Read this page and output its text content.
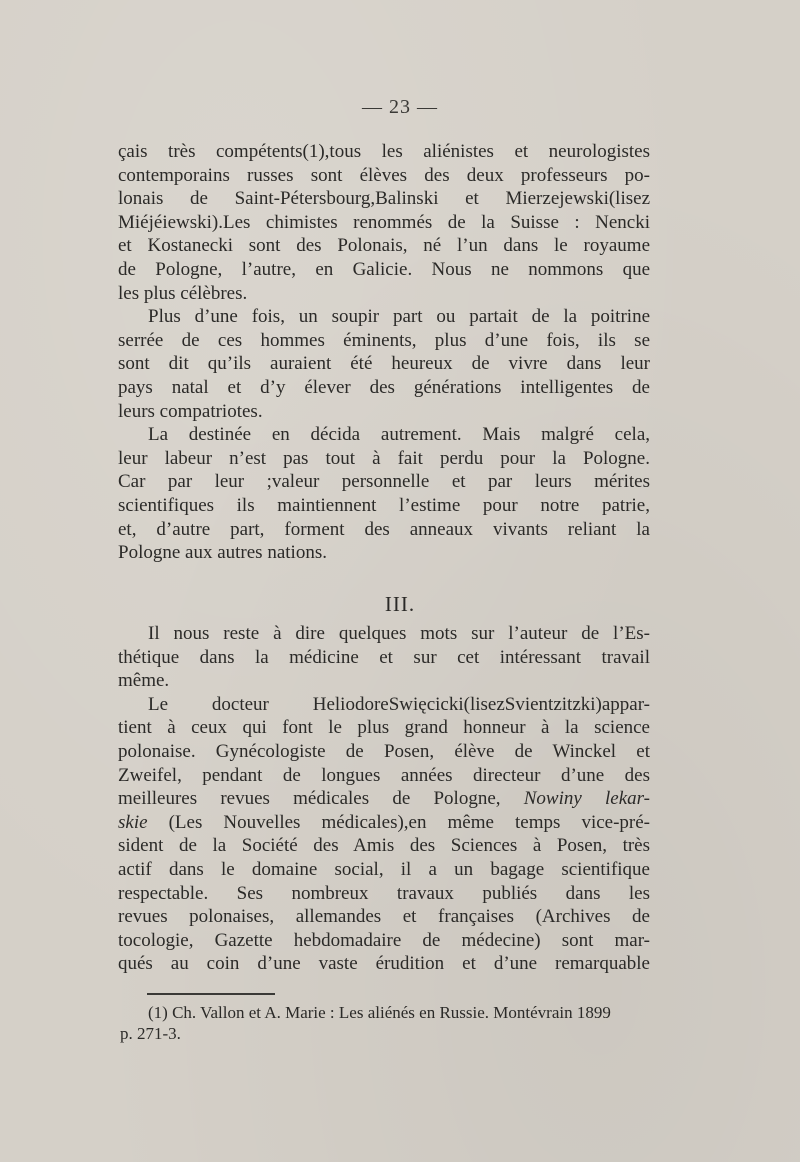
— 23 —
çais très compétents(1),tous les aliénistes et neurologistes
contemporains russes sont élèves des deux professeurs po-
lonais de Saint-Pétersbourg,Balinski et Mierzejewski(lisez
Miéjéiewski).Les chimistes renommés de la Suisse : Nencki
et Kostanecki sont des Polonais, né l’un dans le royaume
de Pologne, l’autre, en Galicie. Nous ne nommons que
les plus célèbres.
Plus d’une fois, un soupir part ou partait de la poitrine
serrée de ces hommes éminents, plus d’une fois, ils se
sont dit qu’ils auraient été heureux de vivre dans leur
pays natal et d’y élever des générations intelligentes de
leurs compatriotes.
La destinée en décida autrement. Mais malgré cela,
leur labeur n’est pas tout à fait perdu pour la Pologne.
Car par leur ;valeur personnelle et par leurs mérites
scientifiques ils maintiennent l’estime pour notre patrie,
et, d’autre part, forment des anneaux vivants reliant la
Pologne aux autres nations.
III.
Il nous reste à dire quelques mots sur l’auteur de l’Es-
thétique dans la médicine et sur cet intéressant travail
même.
Le docteur HeliodoreSwięcicki(lisezSvientzitzki)appar-
tient à ceux qui font le plus grand honneur à la science
polonaise. Gynécologiste de Posen, élève de Winckel et
Zweifel, pendant de longues années directeur d’une des
meilleures revues médicales de Pologne, Nowiny lekar-
skie (Les Nouvelles médicales),en même temps vice-pré-
sident de la Société des Amis des Sciences à Posen, très
actif dans le domaine social, il a un bagage scientifique
respectable. Ses nombreux travaux publiés dans les
revues polonaises, allemandes et françaises (Archives de
tocologie, Gazette hebdomadaire de médecine) sont mar-
qués au coin d’une vaste érudition et d’une remarquable
(1) Ch. Vallon et A. Marie : Les aliénés en Russie. Montévrain 1899
p. 271-3.
